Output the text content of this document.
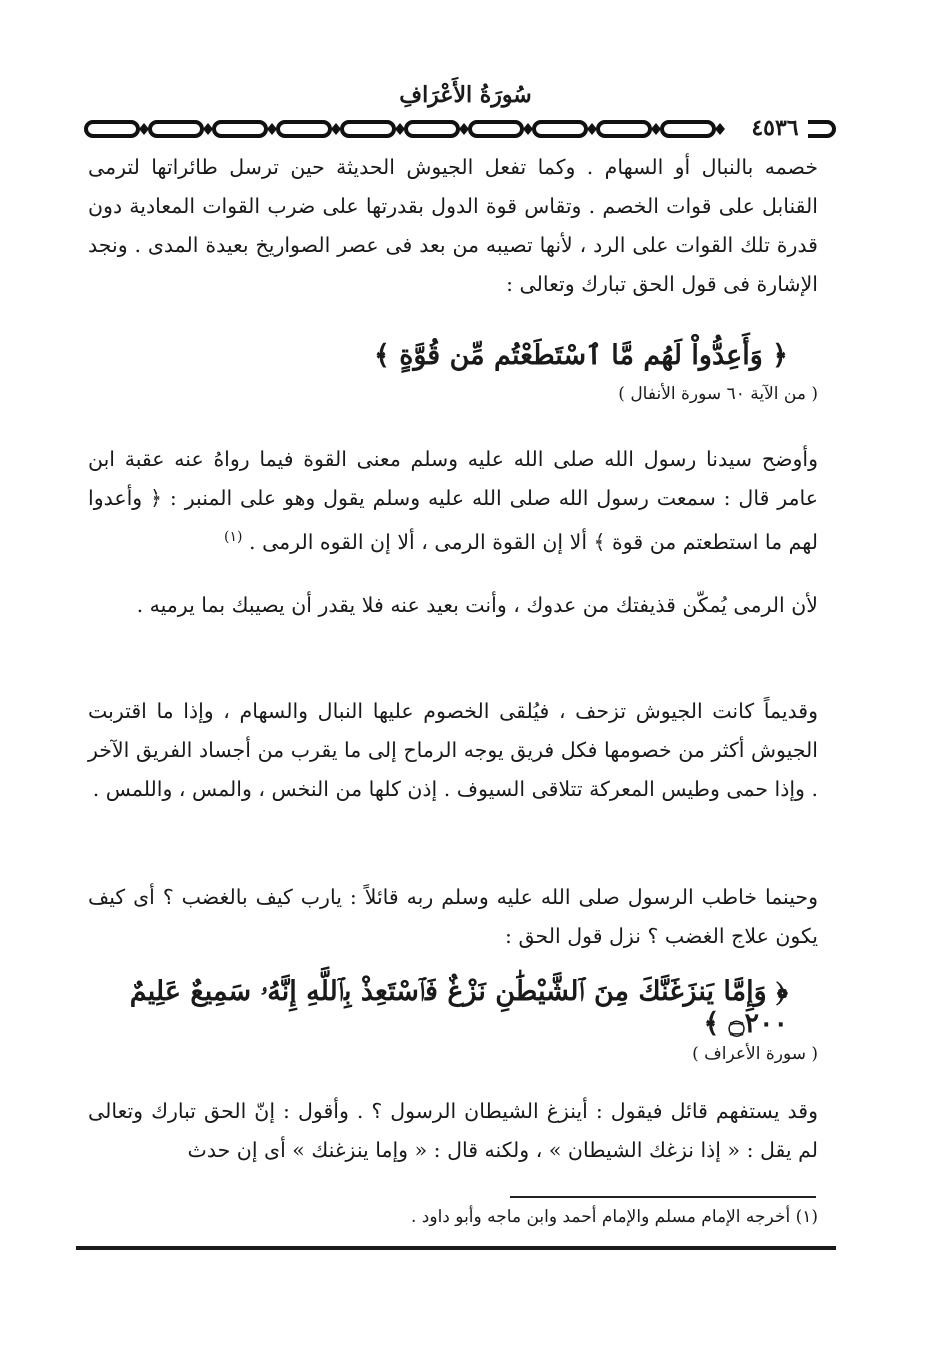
سُورَةُ الأَعْرَافِ
٤٥٣٦
خصمه بالنبال أو السهام . وكما تفعل الجيوش الحديثة حين ترسل طائراتها لترمى القنابل على قوات الخصم . وتقاس قوة الدول بقدرتها على ضرب القوات المعادية دون قدرة تلك القوات على الرد ، لأنها تصيبه من بعد فى عصر الصواريخ بعيدة المدى . ونجد الإشارة فى قول الحق تبارك وتعالى :
﴿ وَأَعِدُّواْ لَهُم مَّا ٱسْتَطَعْتُم مِّن قُوَّةٍ ﴾
( من الآية ٦٠ سورة الأنفال )
وأوضح سيدنا رسول الله صلى الله عليه وسلم معنى القوة فيما رواهُ عنه عقبة ابن عامر قال : سمعت رسول الله صلى الله عليه وسلم يقول وهو على المنبر : ﴿ وأعدوا لهم ما استطعتم من قوة ﴾ ألا إن القوة الرمى ، ألا إن القوه الرمى . $^{(١)}$
لأن الرمى يُمكّن قذيفتك من عدوك ، وأنت بعيد عنه فلا يقدر أن يصيبك بما يرميه .
وقديماً كانت الجيوش تزحف ، فيُلقى الخصوم عليها النبال والسهام ، وإذا ما اقتربت الجيوش أكثر من خصومها فكل فريق يوجه الرماح إلى ما يقرب من أجساد الفريق الآخر . وإذا حمى وطيس المعركة تتلاقى السيوف . إذن كلها من النخس ، والمس ، واللمس .
وحينما خاطب الرسول صلى الله عليه وسلم ربه قائلاً : يارب كيف بالغضب ؟ أى كيف يكون علاج الغضب ؟ نزل قول الحق :
﴿ وَإِمَّا يَنزَغَنَّكَ مِنَ ٱلشَّيْطَٰنِ نَزْغٌ فَٱسْتَعِذْ بِٱللَّهِ إِنَّهُۥ سَمِيعٌ عَلِيمٌ ۝٢٠٠ ﴾
( سورة الأعراف )
وقد يستفهم قائل فيقول : أينزغ الشيطان الرسول ؟ . وأقول : إنّ الحق تبارك وتعالى لم يقل : « إذا نزغك الشيطان » ، ولكنه قال : « وإما ينزغنك » أى إن حدث
(١) أخرجه الإمام مسلم والإمام أحمد وابن ماجه وأبو داود .
